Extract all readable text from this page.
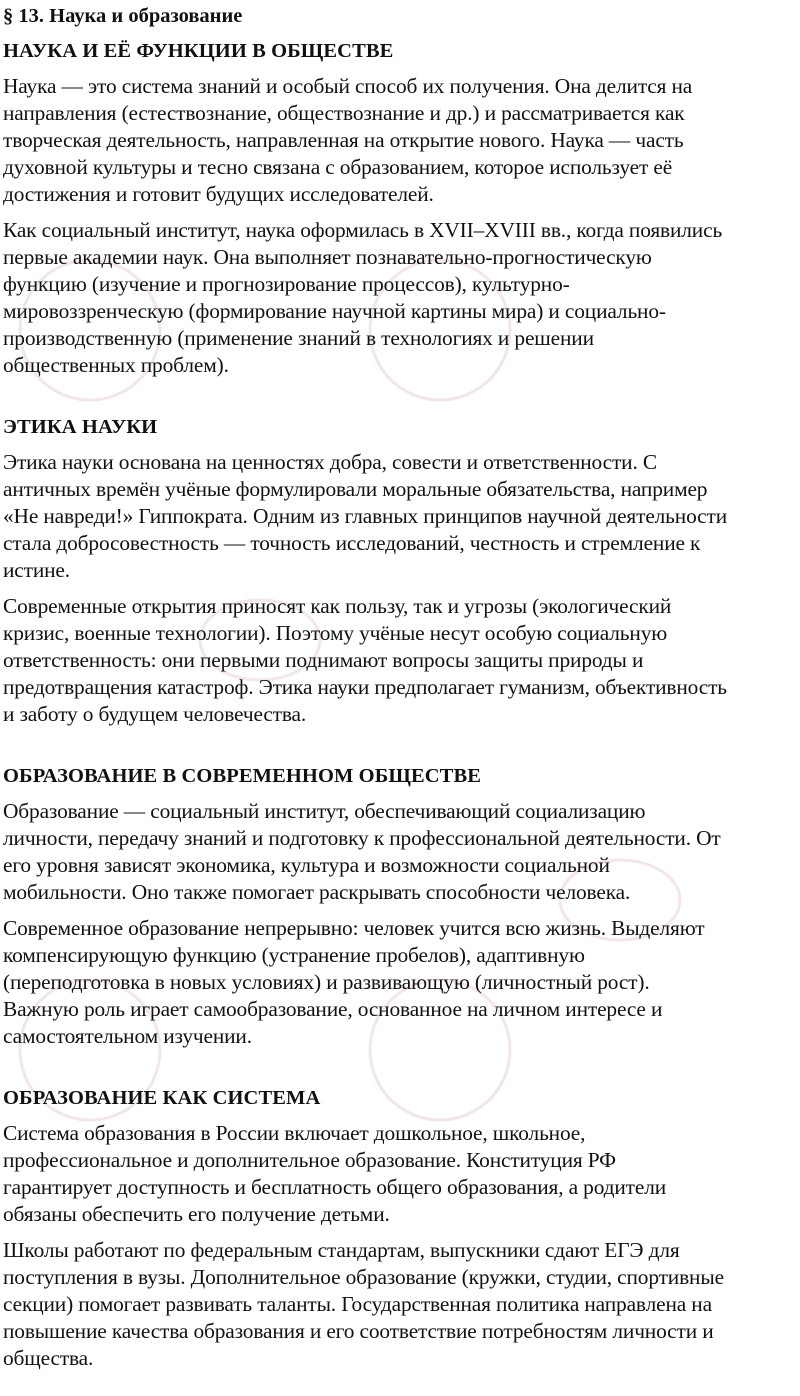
§ 13. Наука и образование
НАУКА И ЕЁ ФУНКЦИИ В ОБЩЕСТВЕ
Наука — это система знаний и особый способ их получения. Она делится на
направления (естествознание, обществознание и др.) и рассматривается как
творческая деятельность, направленная на открытие нового. Наука — часть
духовной культуры и тесно связана с образованием, которое использует её
достижения и готовит будущих исследователей.
Как социальный институт, наука оформилась в XVII–XVIII вв., когда появились
первые академии наук. Она выполняет познавательно-прогностическую
функцию (изучение и прогнозирование процессов), культурно-
мировоззренческую (формирование научной картины мира) и социально-
производственную (применение знаний в технологиях и решении
общественных проблем).
ЭТИКА НАУКИ
Этика науки основана на ценностях добра, совести и ответственности. С
античных времён учёные формулировали моральные обязательства, например
«Не навреди!» Гиппократа. Одним из главных принципов научной деятельности
стала добросовестность — точность исследований, честность и стремление к
истине.
Современные открытия приносят как пользу, так и угрозы (экологический
кризис, военные технологии). Поэтому учёные несут особую социальную
ответственность: они первыми поднимают вопросы защиты природы и
предотвращения катастроф. Этика науки предполагает гуманизм, объективность
и заботу о будущем человечества.
ОБРАЗОВАНИЕ В СОВРЕМЕННОМ ОБЩЕСТВЕ
Образование — социальный институт, обеспечивающий социализацию
личности, передачу знаний и подготовку к профессиональной деятельности. От
его уровня зависят экономика, культура и возможности социальной
мобильности. Оно также помогает раскрывать способности человека.
Современное образование непрерывно: человек учится всю жизнь. Выделяют
компенсирующую функцию (устранение пробелов), адаптивную
(переподготовка в новых условиях) и развивающую (личностный рост).
Важную роль играет самообразование, основанное на личном интересе и
самостоятельном изучении.
ОБРАЗОВАНИЕ КАК СИСТЕМА
Система образования в России включает дошкольное, школьное,
профессиональное и дополнительное образование. Конституция РФ
гарантирует доступность и бесплатность общего образования, а родители
обязаны обеспечить его получение детьми.
Школы работают по федеральным стандартам, выпускники сдают ЕГЭ для
поступления в вузы. Дополнительное образование (кружки, студии, спортивные
секции) помогает развивать таланты. Государственная политика направлена на
повышение качества образования и его соответствие потребностям личности и
общества.
